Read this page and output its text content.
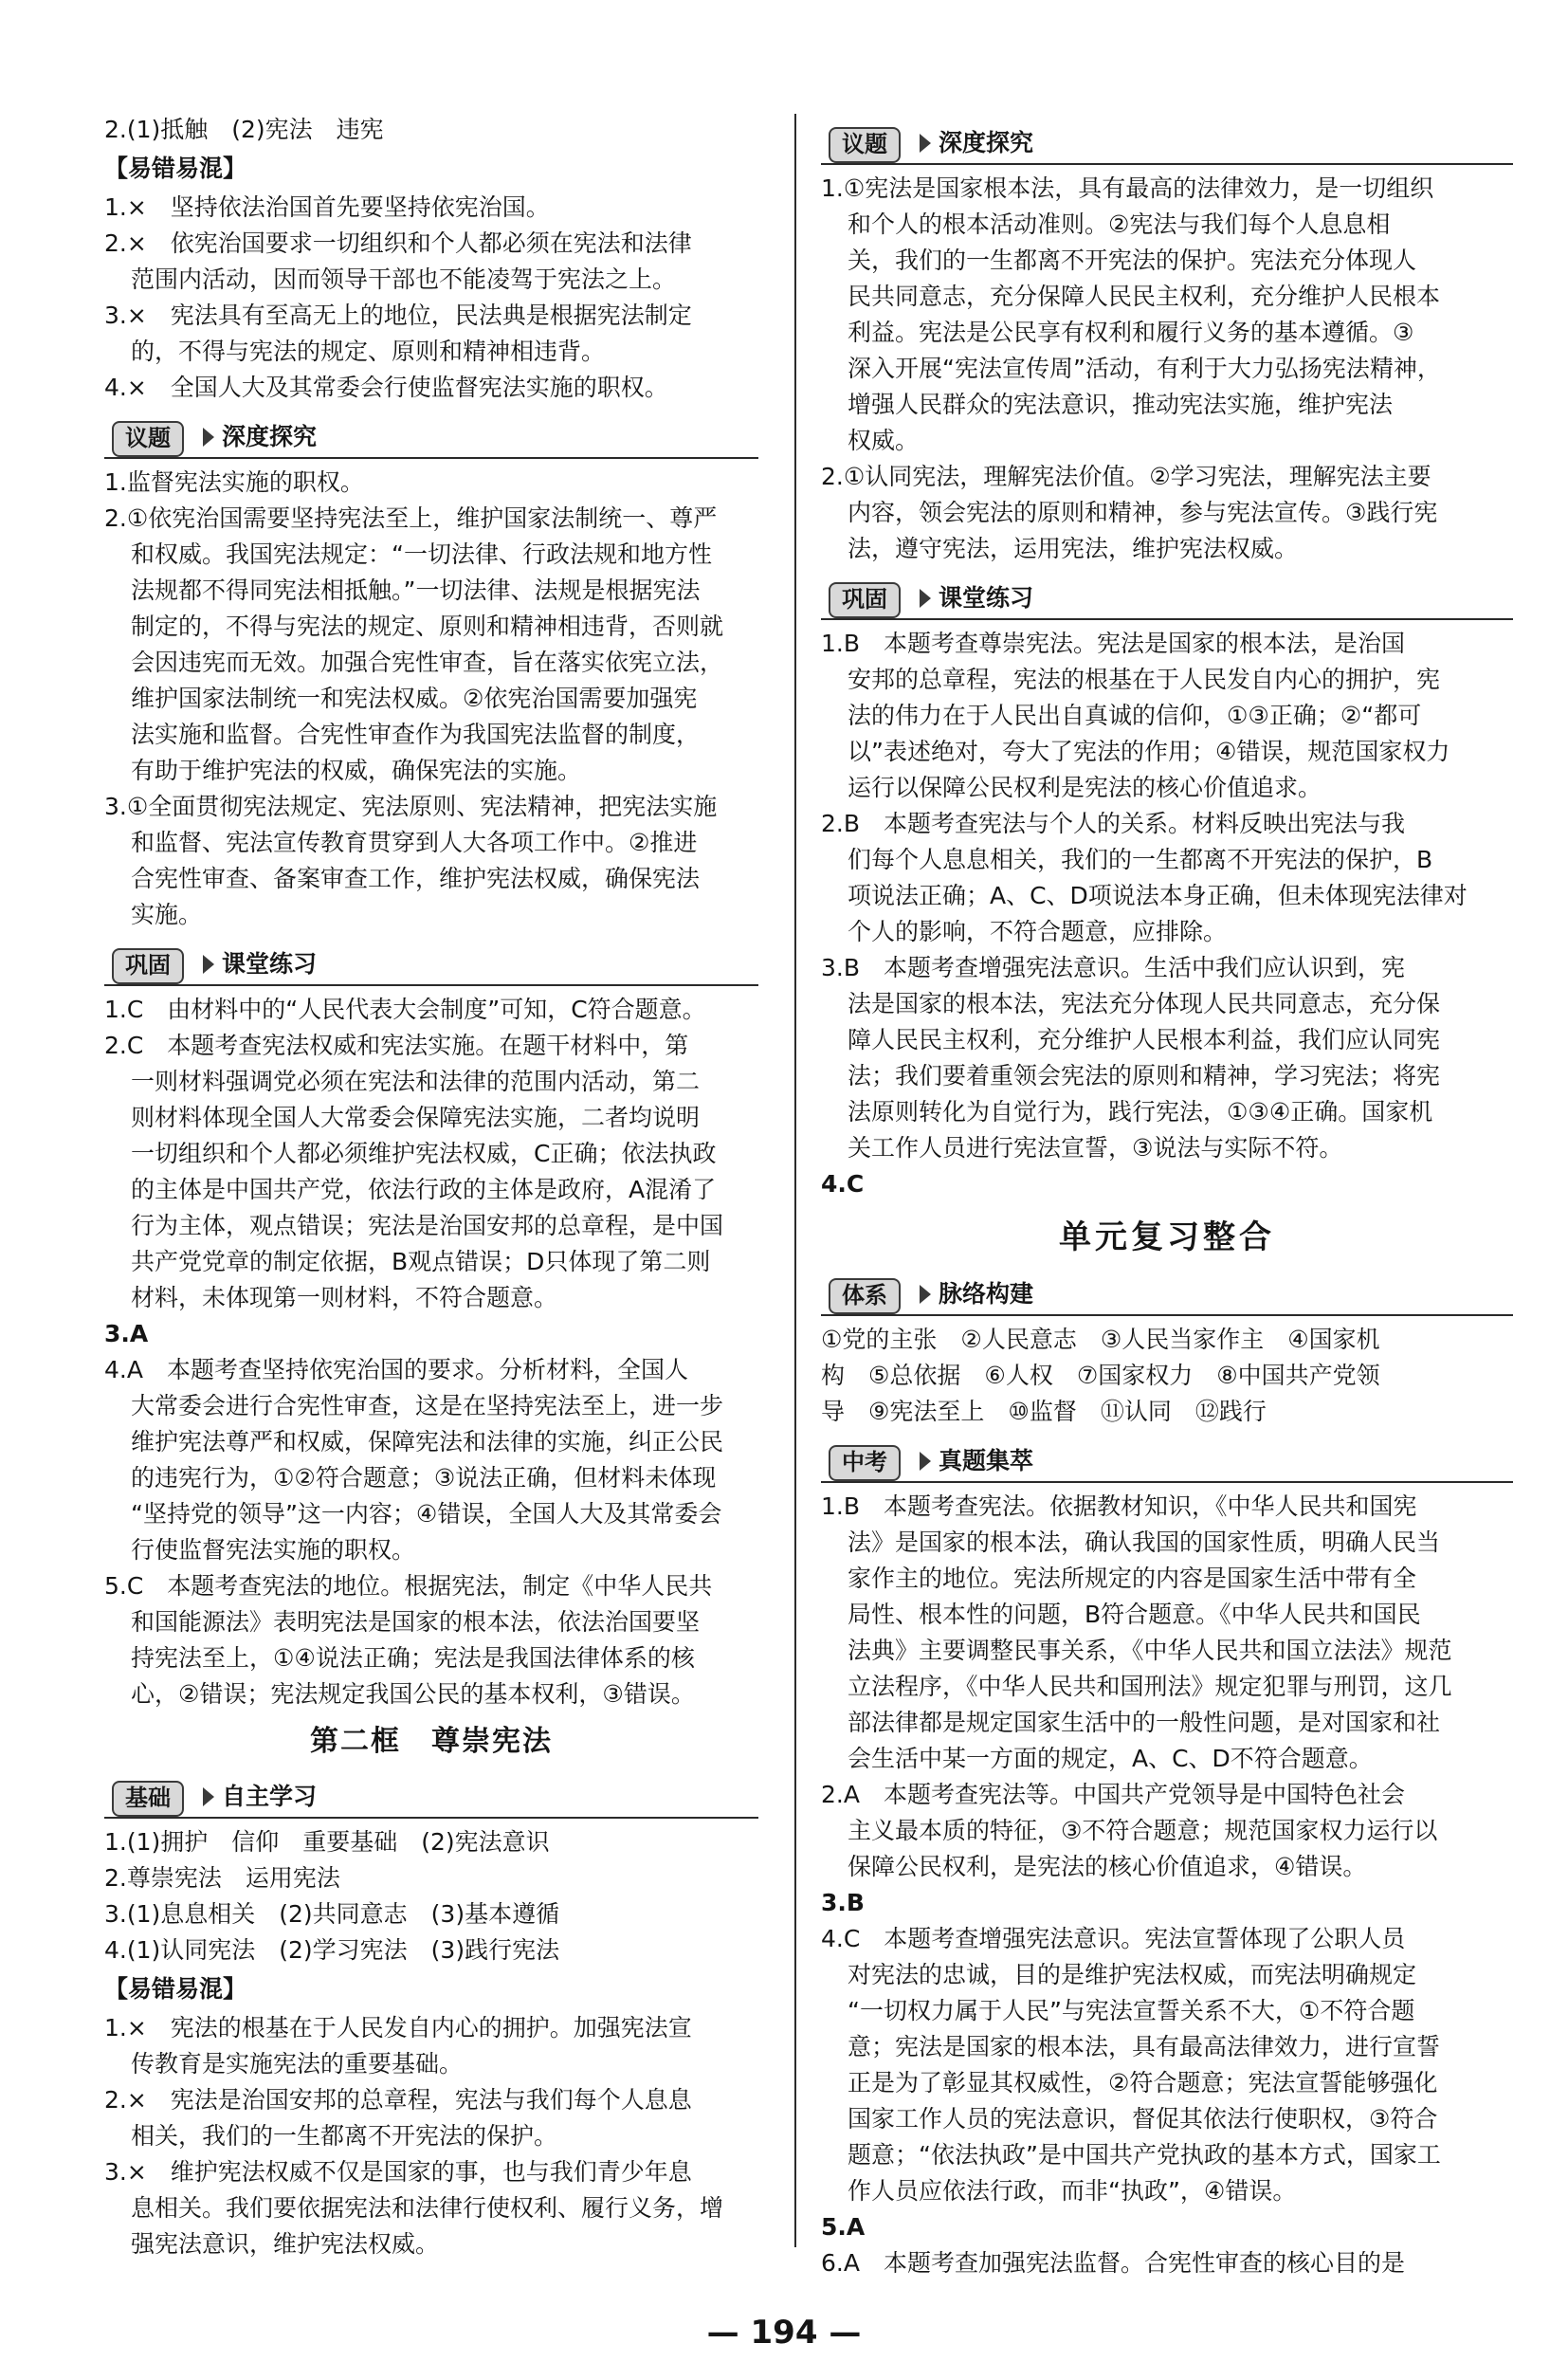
2.(1)抵触　(2)宪法　违宪

【易错易混】

1.×　坚持依法治国首先要坚持依宪治国。

2.×　依宪治国要求一切组织和个人都必须在宪法和法律

范围内活动，因而领导干部也不能凌驾于宪法之上。

3.×　宪法具有至高无上的地位，民法典是根据宪法制定

的，不得与宪法的规定、原则和精神相违背。

4.×　全国人大及其常委会行使监督宪法实施的职权。

议题	深度探究

1.监督宪法实施的职权。

2.①依宪治国需要坚持宪法至上，维护国家法制统一、尊严

和权威。我国宪法规定：“一切法律、行政法规和地方性

法规都不得同宪法相抵触。”一切法律、法规是根据宪法

制定的，不得与宪法的规定、原则和精神相违背，否则就

会因违宪而无效。加强合宪性审查，旨在落实依宪立法，

维护国家法制统一和宪法权威。②依宪治国需要加强宪

法实施和监督。合宪性审查作为我国宪法监督的制度，

有助于维护宪法的权威，确保宪法的实施。

3.①全面贯彻宪法规定、宪法原则、宪法精神，把宪法实施

和监督、宪法宣传教育贯穿到人大各项工作中。②推进

合宪性审查、备案审查工作，维护宪法权威，确保宪法

实施。

巩固	课堂练习

1.C　由材料中的“人民代表大会制度”可知，C符合题意。

2.C　本题考查宪法权威和宪法实施。在题干材料中，第

一则材料强调党必须在宪法和法律的范围内活动，第二

则材料体现全国人大常委会保障宪法实施，二者均说明

一切组织和个人都必须维护宪法权威，C正确；依法执政

的主体是中国共产党，依法行政的主体是政府，A混淆了

行为主体，观点错误；宪法是治国安邦的总章程，是中国

共产党党章的制定依据，B观点错误；D只体现了第二则

材料，未体现第一则材料，不符合题意。

3.A

4.A　本题考查坚持依宪治国的要求。分析材料，全国人

大常委会进行合宪性审查，这是在坚持宪法至上，进一步

维护宪法尊严和权威，保障宪法和法律的实施，纠正公民

的违宪行为，①②符合题意；③说法正确，但材料未体现

“坚持党的领导”这一内容；④错误，全国人大及其常委会

行使监督宪法实施的职权。

5.C　本题考查宪法的地位。根据宪法，制定《中华人民共

和国能源法》表明宪法是国家的根本法，依法治国要坚

持宪法至上，①④说法正确；宪法是我国法律体系的核

心，②错误；宪法规定我国公民的基本权利，③错误。

第二框　尊崇宪法

基础	自主学习

1.(1)拥护　信仰　重要基础　(2)宪法意识

2.尊崇宪法　运用宪法

3.(1)息息相关　(2)共同意志　(3)基本遵循

4.(1)认同宪法　(2)学习宪法　(3)践行宪法

【易错易混】

1.×　宪法的根基在于人民发自内心的拥护。加强宪法宣

传教育是实施宪法的重要基础。

2.×　宪法是治国安邦的总章程，宪法与我们每个人息息

相关，我们的一生都离不开宪法的保护。

3.×　维护宪法权威不仅是国家的事，也与我们青少年息

息相关。我们要依据宪法和法律行使权利、履行义务，增

强宪法意识，维护宪法权威。

议题	深度探究

1.①宪法是国家根本法，具有最高的法律效力，是一切组织

和个人的根本活动准则。②宪法与我们每个人息息相

关，我们的一生都离不开宪法的保护。宪法充分体现人

民共同意志，充分保障人民民主权利，充分维护人民根本

利益。宪法是公民享有权利和履行义务的基本遵循。③

深入开展“宪法宣传周”活动，有利于大力弘扬宪法精神，

增强人民群众的宪法意识，推动宪法实施，维护宪法

权威。

2.①认同宪法，理解宪法价值。②学习宪法，理解宪法主要

内容，领会宪法的原则和精神，参与宪法宣传。③践行宪

法，遵守宪法，运用宪法，维护宪法权威。

巩固	课堂练习

1.B　本题考查尊崇宪法。宪法是国家的根本法，是治国

安邦的总章程，宪法的根基在于人民发自内心的拥护，宪

法的伟力在于人民出自真诚的信仰，①③正确；②“都可

以”表述绝对，夸大了宪法的作用；④错误，规范国家权力

运行以保障公民权利是宪法的核心价值追求。

2.B　本题考查宪法与个人的关系。材料反映出宪法与我

们每个人息息相关，我们的一生都离不开宪法的保护，B

项说法正确；A、C、D项说法本身正确，但未体现宪法律对

个人的影响，不符合题意，应排除。

3.B　本题考查增强宪法意识。生活中我们应认识到，宪

法是国家的根本法，宪法充分体现人民共同意志，充分保

障人民民主权利，充分维护人民根本利益，我们应认同宪

法；我们要着重领会宪法的原则和精神，学习宪法；将宪

法原则转化为自觉行为，践行宪法，①③④正确。国家机

关工作人员进行宪法宣誓，③说法与实际不符。

4.C

单元复习整合

体系	脉络构建

①党的主张　②人民意志　③人民当家作主　④国家机

构　⑤总依据　⑥人权　⑦国家权力　⑧中国共产党领

导　⑨宪法至上　⑩监督　⑪认同　⑫践行

中考	真题集萃

1.B　本题考查宪法。依据教材知识，《中华人民共和国宪

法》是国家的根本法，确认我国的国家性质，明确人民当

家作主的地位。宪法所规定的内容是国家生活中带有全

局性、根本性的问题，B符合题意。《中华人民共和国民

法典》主要调整民事关系，《中华人民共和国立法法》规范

立法程序，《中华人民共和国刑法》规定犯罪与刑罚，这几

部法律都是规定国家生活中的一般性问题，是对国家和社

会生活中某一方面的规定，A、C、D不符合题意。

2.A　本题考查宪法等。中国共产党领导是中国特色社会

主义最本质的特征，③不符合题意；规范国家权力运行以

保障公民权利，是宪法的核心价值追求，④错误。

3.B

4.C　本题考查增强宪法意识。宪法宣誓体现了公职人员

对宪法的忠诚，目的是维护宪法权威，而宪法明确规定

“一切权力属于人民”与宪法宣誓关系不大，①不符合题

意；宪法是国家的根本法，具有最高法律效力，进行宣誓

正是为了彰显其权威性，②符合题意；宪法宣誓能够强化

国家工作人员的宪法意识，督促其依法行使职权，③符合

题意；“依法执政”是中国共产党执政的基本方式，国家工

作人员应依法行政，而非“执政”，④错误。

5.A

6.A　本题考查加强宪法监督。合宪性审查的核心目的是

— 194 —
